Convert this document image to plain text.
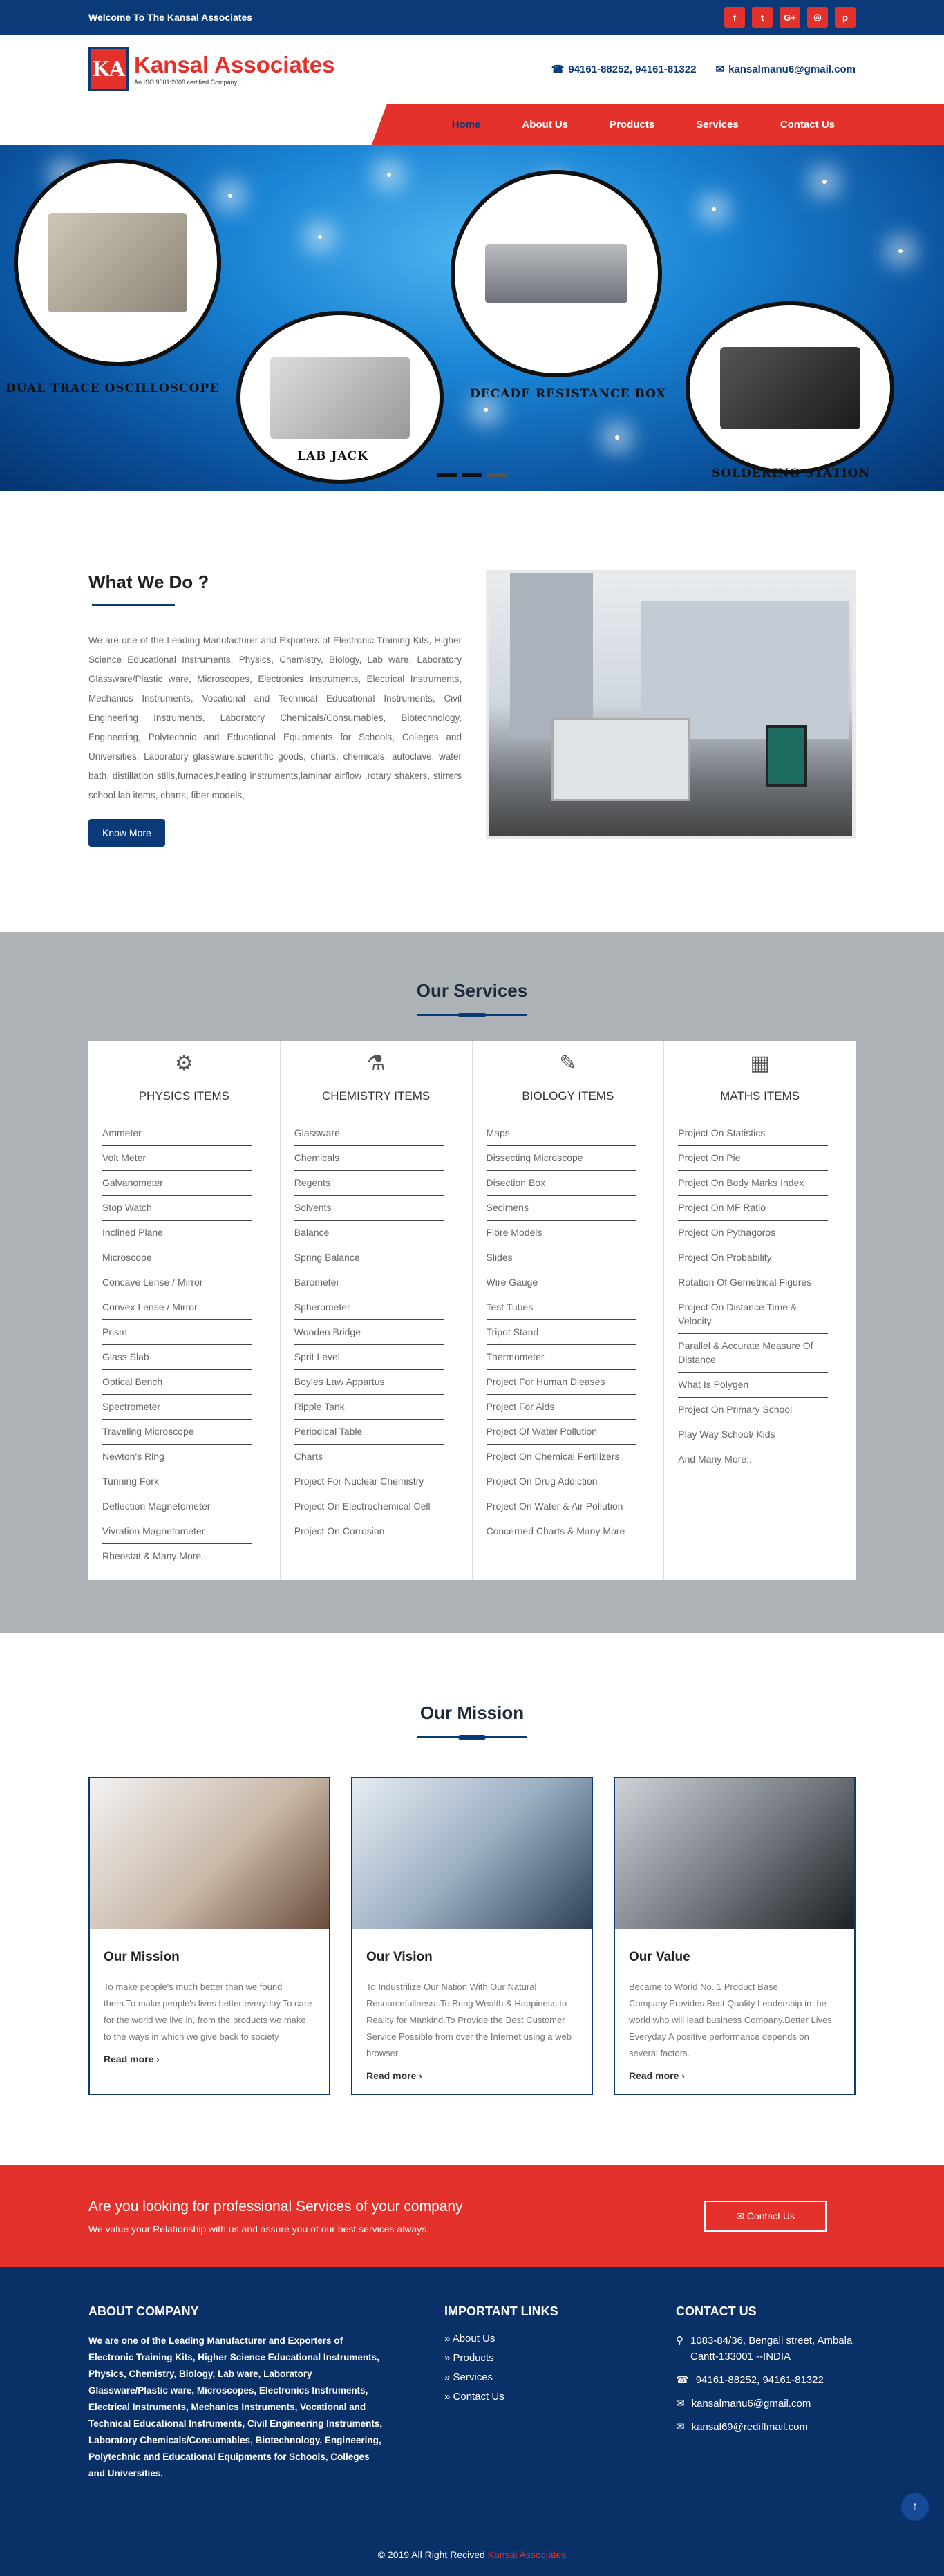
Welcome To The Kansal Associates	f	t	G+	◎	p
KA Kansal Associates
An ISO 9001:2008 certified Company
☎ 94161-88252, 94161-81322 ✉ kansalmanu6@gmail.com
Home	About Us	Products	Services	Contact Us
DUAL TRACE OSCILLOSCOPE
LAB JACK
DECADE RESISTANCE BOX
SOLDERING STATION
What We Do ?

We are one of the Leading Manufacturer and Exporters of Electronic Training Kits, Higher Science Educational Instruments, Physics, Chemistry, Biology, Lab ware, Laboratory Glassware/Plastic ware, Microscopes, Electronics Instruments, Electrical Instruments, Mechanics Instruments, Vocational and Technical Educational Instruments, Civil Engineering Instruments, Laboratory Chemicals/Consumables, Biotechnology, Engineering, Polytechnic and Educational Equipments for Schools, Colleges and Universities. Laboratory glassware,scientific goods, charts, chemicals, autoclave, water bath, distillation stills,furnaces,heating instruments,laminar airflow ,rotary shakers, stirrers school lab items, charts, fiber models,

Know More
Our Services
⚙
PHYSICS ITEMS
Ammeter
Volt Meter
Galvanometer
Stop Watch
Inclined Plane
Microscope
Concave Lense / Mirror
Convex Lense / Mirror
Prism
Glass Slab
Optical Bench
Spectrometer
Traveling Microscope
Newton's Ring
Tunning Fork
Deflection Magnetometer
Vivration Magnetometer
Rheostat & Many More..
⚗
CHEMISTRY ITEMS
Glassware
Chemicals
Regents
Solvents
Balance
Spring Balance
Barometer
Spherometer
Wooden Bridge
Sprit Level
Boyles Law Appartus
Ripple Tank
Periodical Table
Charts
Project For Nuclear Chemistry
Project On Electrochemical Cell
Project On Corrosion
✎
BIOLOGY ITEMS
Maps
Dissecting Microscope
Disection Box
Secimens
Fibre Models
Slides
Wire Gauge
Test Tubes
Tripot Stand
Thermometer
Project For Human Dieases
Project For Aids
Project Of Water Pollution
Project On Chemical Fertilizers
Project On Drug Addiction
Project On Water & Air Pollution
Concerned Charts & Many More
▦
MATHS ITEMS
Project On Statistics
Project On Pie
Project On Body Marks Index
Project On MF Ratio
Project On Pythagoros
Project On Probability
Rotation Of Gemetrical Figures
Project On Distance Time & Velocity
Parallel & Accurate Measure Of Distance
What Is Polygen
Project On Primary School
Play Way School/ Kids
And Many More..
Our Mission
Our Mission
To make people's much better than we found them.To make people's lives better everyday.To care for the world we live in, from the products we make to the ways in which we give back to society
Read more ›
Our Vision
To Industrilize Our Nation With Our Natural Resourcefullness .To Bring Wealth & Happiness to Reality for Mankind.To Provide the Best Customer Service Possible from over the Internet using a web browser.
Read more ›
Our Value
Became to World No. 1 Product Base Company.Provides Best Quality Leadership in the world who will lead business Company.Better Lives Everyday A positive performance depends on several factors.
Read more ›
Are you looking for professional Services of your company
We value your Relationship with us and assure you of our best services always.
✉ Contact Us
ABOUT COMPANY

We are one of the Leading Manufacturer and Exporters of Electronic Training Kits, Higher Science Educational Instruments, Physics, Chemistry, Biology, Lab ware, Laboratory Glassware/Plastic ware, Microscopes, Electronics Instruments, Electrical Instruments, Mechanics Instruments, Vocational and Technical Educational Instruments, Civil Engineering Instruments, Laboratory Chemicals/Consumables, Biotechnology, Engineering, Polytechnic and Educational Equipments for Schools, Colleges and Universities.

IMPORTANT LINKS
» About Us
» Products
» Services
» Contact Us
CONTACT US
⚲ 1083-84/36, Bengali street, Ambala Cantt-133001 --INDIA
☎ 94161-88252, 94161-81322
✉ kansalmanu6@gmail.com
✉ kansal69@rediffmail.com
© 2019 All Right Recived Kansal Associates
↑
